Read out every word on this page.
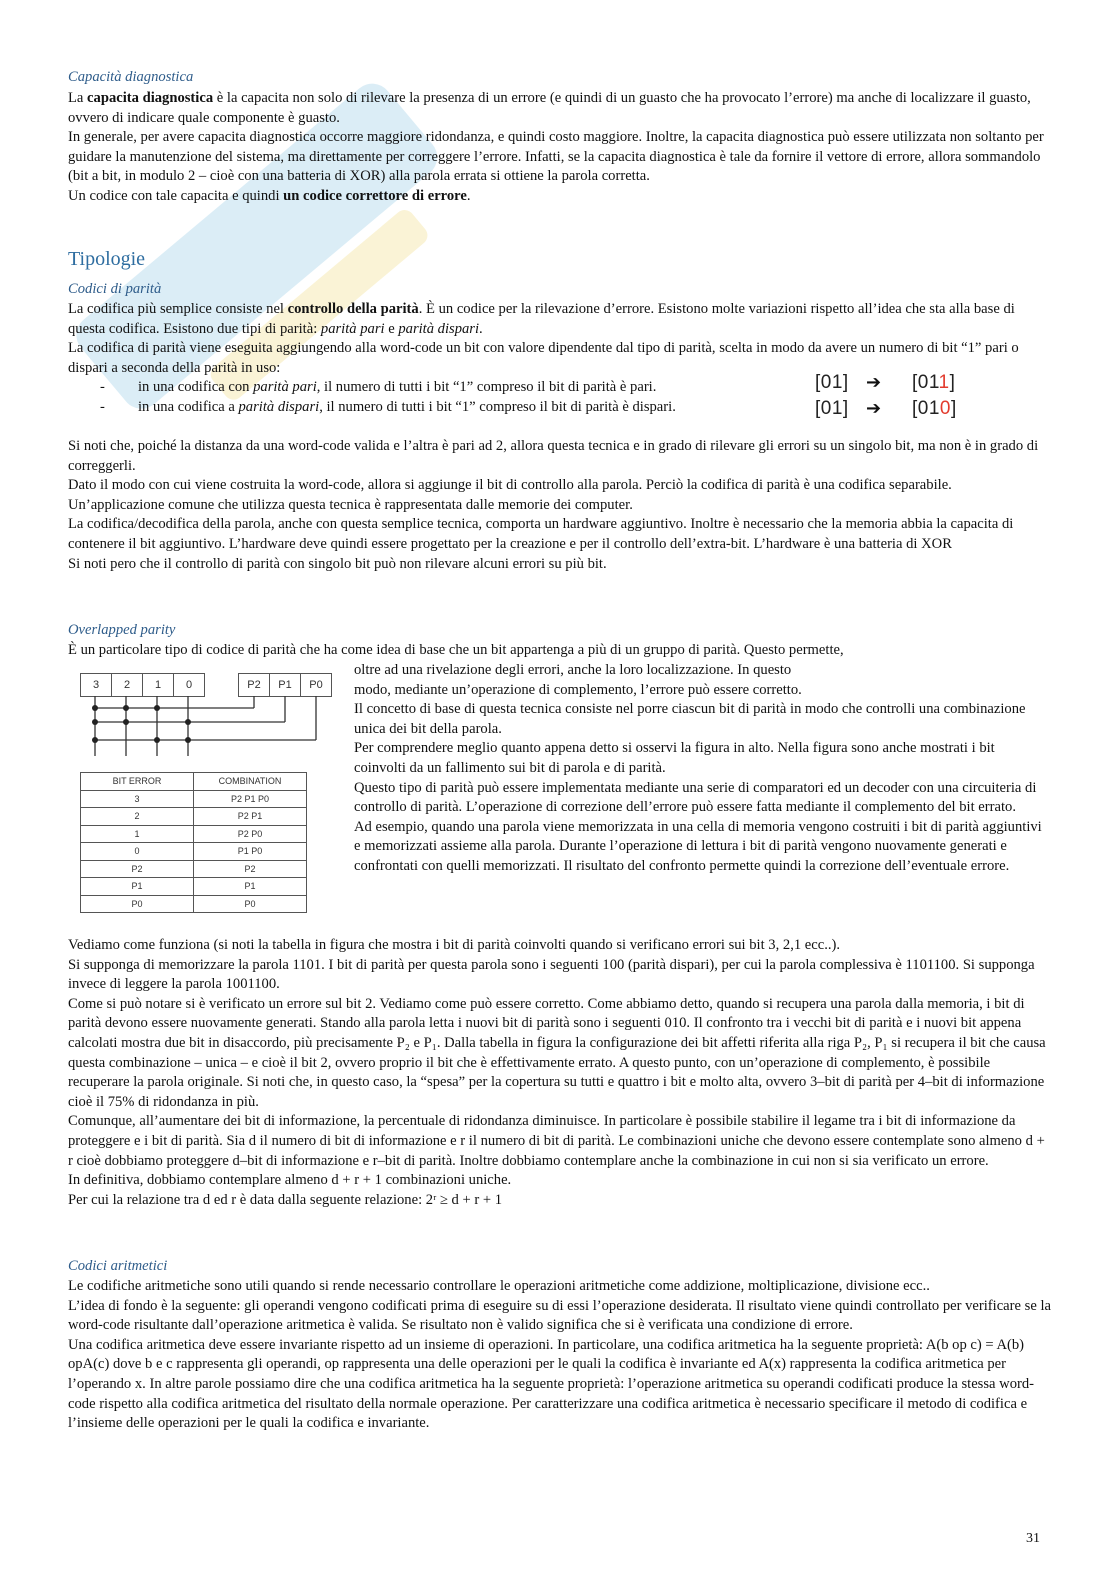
Capacità diagnostica

La capacita diagnostica è la capacita non solo di rilevare la presenza di un errore (e quindi di un guasto che ha provocato l’errore) ma anche di localizzare il guasto, ovvero di indicare quale componente è guasto.

In generale, per avere capacita diagnostica occorre maggiore ridondanza, e quindi costo maggiore. Inoltre, la capacita diagnostica può essere utilizzata non soltanto per guidare la manutenzione del sistema, ma direttamente per correggere l’errore. Infatti, se la capacita diagnostica è tale da fornire il vettore di errore, allora sommandolo (bit a bit, in modulo 2 – cioè con una batteria di XOR) alla parola errata si ottiene la parola corretta.

Un codice con tale capacita e quindi un codice correttore di errore.

Tipologie
Codici di parità

La codifica più semplice consiste nel controllo della parità. È un codice per la rilevazione d’errore. Esistono molte variazioni rispetto all’idea che sta alla base di questa codifica. Esistono due tipi di parità: parità pari e parità dispari.

La codifica di parità viene eseguita aggiungendo alla word-code un bit con valore dipendente dal tipo di parità, scelta in modo da avere un numero di bit “1” pari o dispari a seconda della parità in uso:

- in una codifica con parità pari, il numero di tutti i bit “1” compreso il bit di parità è pari.
- in una codifica a parità dispari, il numero di tutti i bit “1” compreso il bit di parità è dispari.
[01] ➔ [011]
[01] ➔ [010]

Si noti che, poiché la distanza da una word-code valida e l’altra è pari ad 2, allora questa tecnica e in grado di rilevare gli errori su un singolo bit, ma non è in grado di correggerli.

Dato il modo con cui viene costruita la word-code, allora si aggiunge il bit di controllo alla parola. Perciò la codifica di parità è una codifica separabile.

Un’applicazione comune che utilizza questa tecnica è rappresentata dalle memorie dei computer.

La codifica/decodifica della parola, anche con questa semplice tecnica, comporta un hardware aggiuntivo. Inoltre è necessario che la memoria abbia la capacita di contenere il bit aggiuntivo. L’hardware deve quindi essere progettato per la creazione e per il controllo dell’extra-bit. L’hardware è una batteria di XOR

Si noti pero che il controllo di parità con singolo bit può non rilevare alcuni errori su più bit.

Overlapped parity
È un particolare tipo di codice di parità che ha come idea di base che un bit appartenga a più di un gruppo di parità. Questo permette,
3	2	1	0	P2	P1	P0
BIT ERROR	COMBINATION
3	P2 P1 P0
2	P2 P1
1	P2 P0
0	P1 P0
P2	P2
P1	P1
P0	P0

oltre ad una rivelazione degli errori, anche la loro localizzazione. In questo

modo, mediante un’operazione di complemento, l’errore può essere corretto.

Il concetto di base di questa tecnica consiste nel porre ciascun bit di parità in modo che controlli una combinazione unica dei bit della parola.

Per comprendere meglio quanto appena detto si osservi la figura in alto. Nella figura sono anche mostrati i bit coinvolti da un fallimento sui bit di parola e di parità.

Questo tipo di parità può essere implementata mediante una serie di comparatori ed un decoder con una circuiteria di controllo di parità. L’operazione di correzione dell’errore può essere fatta mediante il complemento del bit errato.

Ad esempio, quando una parola viene memorizzata in una cella di memoria vengono costruiti i bit di parità aggiuntivi e memorizzati assieme alla parola. Durante l’operazione di lettura i bit di parità vengono nuovamente generati e confrontati con quelli memorizzati. Il risultato del confronto permette quindi la correzione dell’eventuale errore.

Vediamo come funziona (si noti la tabella in figura che mostra i bit di parità coinvolti quando si verificano errori sui bit 3, 2,1 ecc..).

Si supponga di memorizzare la parola 1101. I bit di parità per questa parola sono i seguenti 100 (parità dispari), per cui la parola complessiva è 1101100. Si supponga invece di leggere la parola 1001100.

Come si può notare si è verificato un errore sul bit 2. Vediamo come può essere corretto. Come abbiamo detto, quando si recupera una parola dalla memoria, i bit di parità devono essere nuovamente generati. Stando alla parola letta i nuovi bit di parità sono i seguenti 010. Il confronto tra i vecchi bit di parità e i nuovi bit appena calcolati mostra due bit in disaccordo, più precisamente P₂ e P₁. Dalla tabella in figura la configurazione dei bit affetti riferita alla riga P₂, P₁ si recupera il bit che causa questa combinazione – unica – e cioè il bit 2, ovvero proprio il bit che è effettivamente errato. A questo punto, con un’operazione di complemento, è possibile recuperare la parola originale. Si noti che, in questo caso, la “spesa” per la copertura su tutti e quattro i bit e molto alta, ovvero 3–bit di parità per 4–bit di informazione cioè il 75% di ridondanza in più.

Comunque, all’aumentare dei bit di informazione, la percentuale di ridondanza diminuisce. In particolare è possibile stabilire il legame tra i bit di informazione da proteggere e i bit di parità. Sia d il numero di bit di informazione e r il numero di bit di parità. Le combinazioni uniche che devono essere contemplate sono almeno d + r cioè dobbiamo proteggere d–bit di informazione e r–bit di parità. Inoltre dobbiamo contemplare anche la combinazione in cui non si sia verificato un errore.

In definitiva, dobbiamo contemplare almeno d + r + 1 combinazioni uniche.

Per cui la relazione tra d ed r è data dalla seguente relazione: 2ʳ ≥ d + r + 1

Codici aritmetici

Le codifiche aritmetiche sono utili quando si rende necessario controllare le operazioni aritmetiche come addizione, moltiplicazione, divisione ecc..

L’idea di fondo è la seguente: gli operandi vengono codificati prima di eseguire su di essi l’operazione desiderata. Il risultato viene quindi controllato per verificare se la word-code risultante dall’operazione aritmetica è valida. Se risultato non è valido significa che si è verificata una condizione di errore.

Una codifica aritmetica deve essere invariante rispetto ad un insieme di operazioni. In particolare, una codifica aritmetica ha la seguente proprietà: A(b op c) = A(b) opA(c) dove b e c rappresenta gli operandi, op rappresenta una delle operazioni per le quali la codifica è invariante ed A(x) rappresenta la codifica aritmetica per l’operando x. In altre parole possiamo dire che una codifica aritmetica ha la seguente proprietà: l’operazione aritmetica su operandi codificati produce la stessa word-code rispetto alla codifica aritmetica del risultato della normale operazione. Per caratterizzare una codifica aritmetica è necessario specificare il metodo di codifica e l’insieme delle operazioni per le quali la codifica e invariante.

31
